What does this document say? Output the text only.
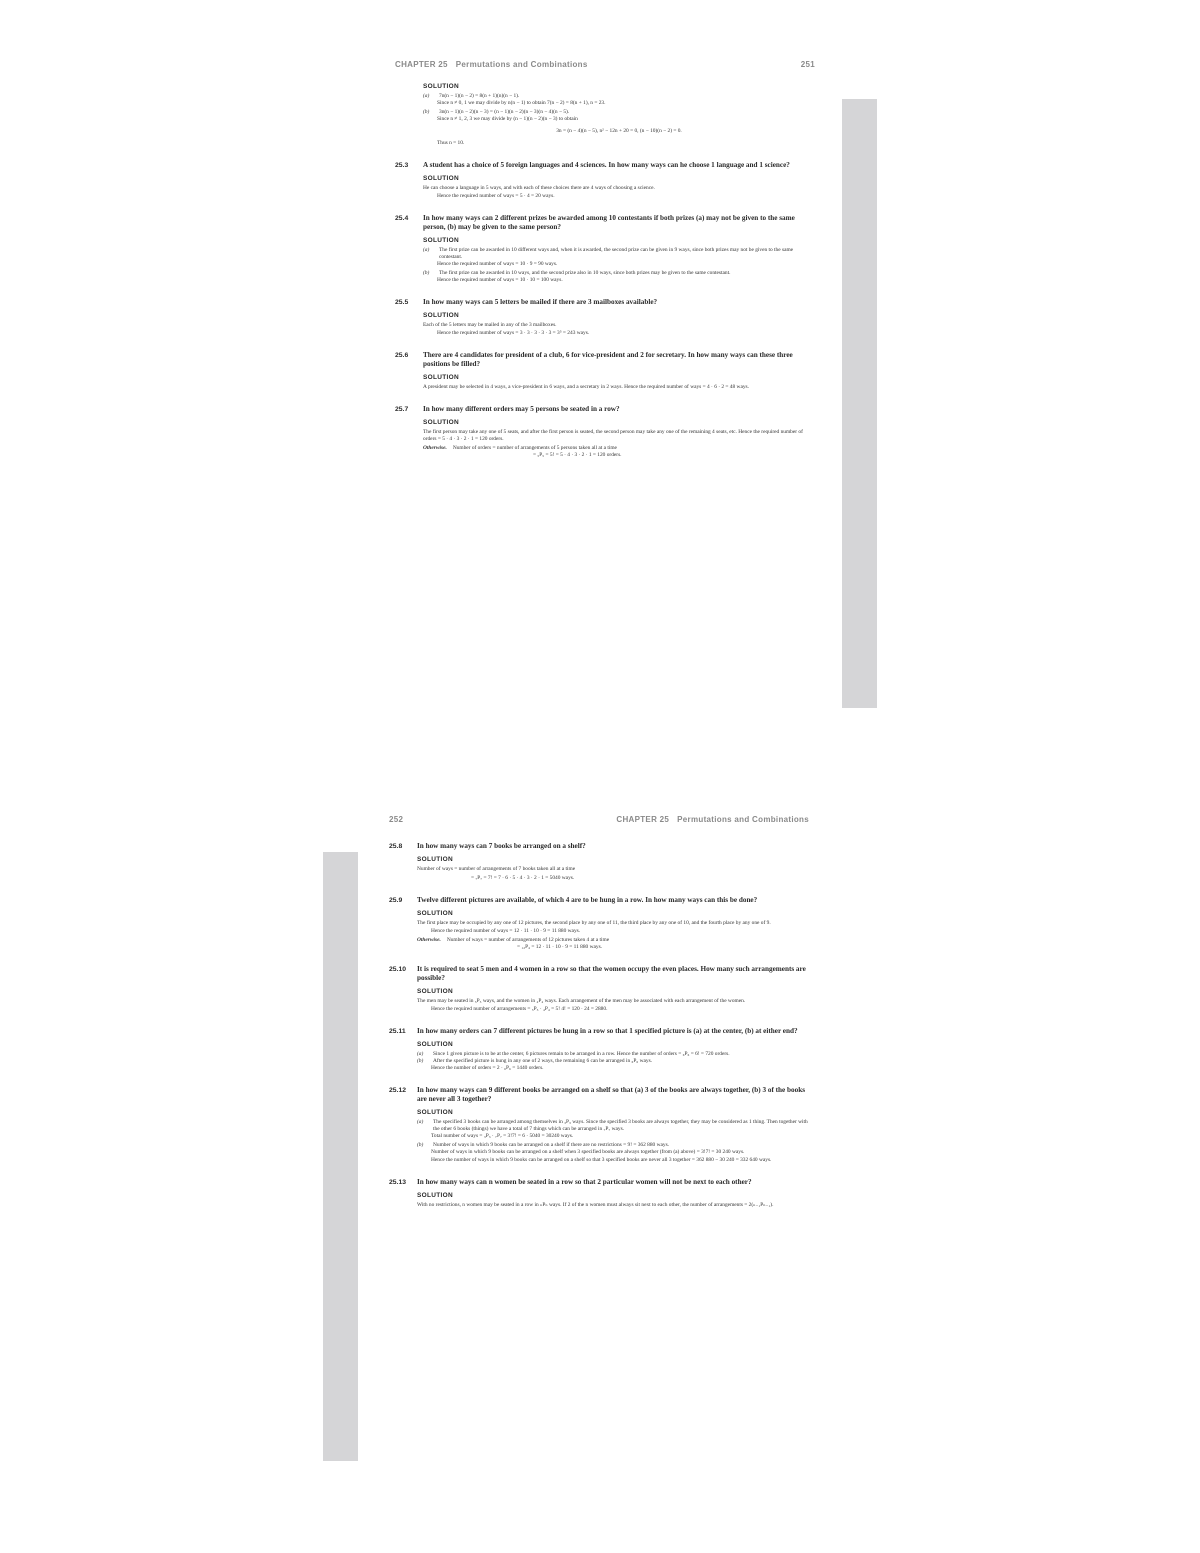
CHAPTER 25 Permutations and Combinations	251
SOLUTION
(a)	7n(n − 1)(n − 2) = 8(n + 1)(n)(n − 1).

Since n ≠ 0, 1 we may divide by n(n − 1) to obtain 7(n − 2) = 8(n + 1), n = 23.

(b)	3n(n − 1)(n − 2)(n − 3) = (n − 1)(n − 2)(n − 3)(n − 4)(n − 5).

Since n ≠ 1, 2, 3 we may divide by (n − 1)(n − 2)(n − 3) to obtain

3n = (n − 4)(n − 5), n² − 12n + 20 = 0, (n − 10)(n − 2) = 0.

Thus n = 10.

25.3	A student has a choice of 5 foreign languages and 4 sciences. In how many ways can he choose 1 language and 1 science?
SOLUTION

He can choose a language in 5 ways, and with each of these choices there are 4 ways of choosing a science.

Hence the required number of ways = 5 · 4 = 20 ways.

25.4	In how many ways can 2 different prizes be awarded among 10 contestants if both prizes (a) may not be given to the same person, (b) may be given to the same person?
SOLUTION
(a)	The first prize can be awarded in 10 different ways and, when it is awarded, the second prize can be given in 9 ways, since both prizes may not be given to the same contestant.

Hence the required number of ways = 10 · 9 = 90 ways.

(b)	The first prize can be awarded in 10 ways, and the second prize also in 10 ways, since both prizes may be given to the same contestant.

Hence the required number of ways = 10 · 10 = 100 ways.

25.5	In how many ways can 5 letters be mailed if there are 3 mailboxes available?
SOLUTION

Each of the 5 letters may be mailed in any of the 3 mailboxes.

Hence the required number of ways = 3 · 3 · 3 · 3 · 3 = 3⁵ = 243 ways.

25.6	There are 4 candidates for president of a club, 6 for vice-president and 2 for secretary. In how many ways can these three positions be filled?
SOLUTION

A president may be selected in 4 ways, a vice-president in 6 ways, and a secretary in 2 ways. Hence the required number of ways = 4 · 6 · 2 = 48 ways.

25.7	In how many different orders may 5 persons be seated in a row?
SOLUTION

The first person may take any one of 5 seats, and after the first person is seated, the second person may take any one of the remaining 4 seats, etc. Hence the required number of orders = 5 · 4 · 3 · 2 · 1 = 120 orders.

Otherwise. Number of orders = number of arrangements of 5 persons taken all at a time

= ₅P₅ = 5! = 5 · 4 · 3 · 2 · 1 = 120 orders.

252	CHAPTER 25 Permutations and Combinations
25.8	In how many ways can 7 books be arranged on a shelf?
SOLUTION

Number of ways = number of arrangements of 7 books taken all at a time

= ₇P₇ = 7! = 7 · 6 · 5 · 4 · 3 · 2 · 1 = 5040 ways.

25.9	Twelve different pictures are available, of which 4 are to be hung in a row. In how many ways can this be done?
SOLUTION

The first place may be occupied by any one of 12 pictures, the second place by any one of 11, the third place by any one of 10, and the fourth place by any one of 9.

Hence the required number of ways = 12 · 11 · 10 · 9 = 11 880 ways.

Otherwise. Number of ways = number of arrangements of 12 pictures taken 4 at a time

= ₁₂P₄ = 12 · 11 · 10 · 9 = 11 880 ways.

25.10	It is required to seat 5 men and 4 women in a row so that the women occupy the even places. How many such arrangements are possible?
SOLUTION

The men may be seated in ₅P₅ ways, and the women in ₄P₄ ways. Each arrangement of the men may be associated with each arrangement of the women.

Hence the required number of arrangements = ₅P₅ · ₄P₄ = 5! 4! = 120 · 24 = 2880.

25.11	In how many orders can 7 different pictures be hung in a row so that 1 specified picture is (a) at the center, (b) at either end?
SOLUTION
(a)	Since 1 given picture is to be at the center, 6 pictures remain to be arranged in a row. Hence the number of orders = ₆P₆ = 6! = 720 orders.
(b)	After the specified picture is hung in any one of 2 ways, the remaining 6 can be arranged in ₆P₆ ways.

Hence the number of orders = 2 · ₆P₆ = 1440 orders.

25.12	In how many ways can 9 different books be arranged on a shelf so that (a) 3 of the books are always together, (b) 3 of the books are never all 3 together?
SOLUTION
(a)	The specified 3 books can be arranged among themselves in ₃P₃ ways. Since the specified 3 books are always together, they may be considered as 1 thing. Then together with the other 6 books (things) we have a total of 7 things which can be arranged in ₇P₇ ways.

Total number of ways = ₃P₃ · ₇P₇ = 3!7! = 6 · 5040 = 30240 ways.

(b)	Number of ways in which 9 books can be arranged on a shelf if there are no restrictions = 9! = 362 880 ways.

Number of ways in which 9 books can be arranged on a shelf when 3 specified books are always together (from (a) above) = 3!7! = 30 240 ways.

Hence the number of ways in which 9 books can be arranged on a shelf so that 3 specified books are never all 3 together = 362 880 − 30 240 = 332 640 ways.

25.13	In how many ways can n women be seated in a row so that 2 particular women will not be next to each other?
SOLUTION

With no restrictions, n women may be seated in a row in ₙPₙ ways. If 2 of the n women must always sit next to each other, the number of arrangements = 2(ₙ₋₁Pₙ₋₁).
